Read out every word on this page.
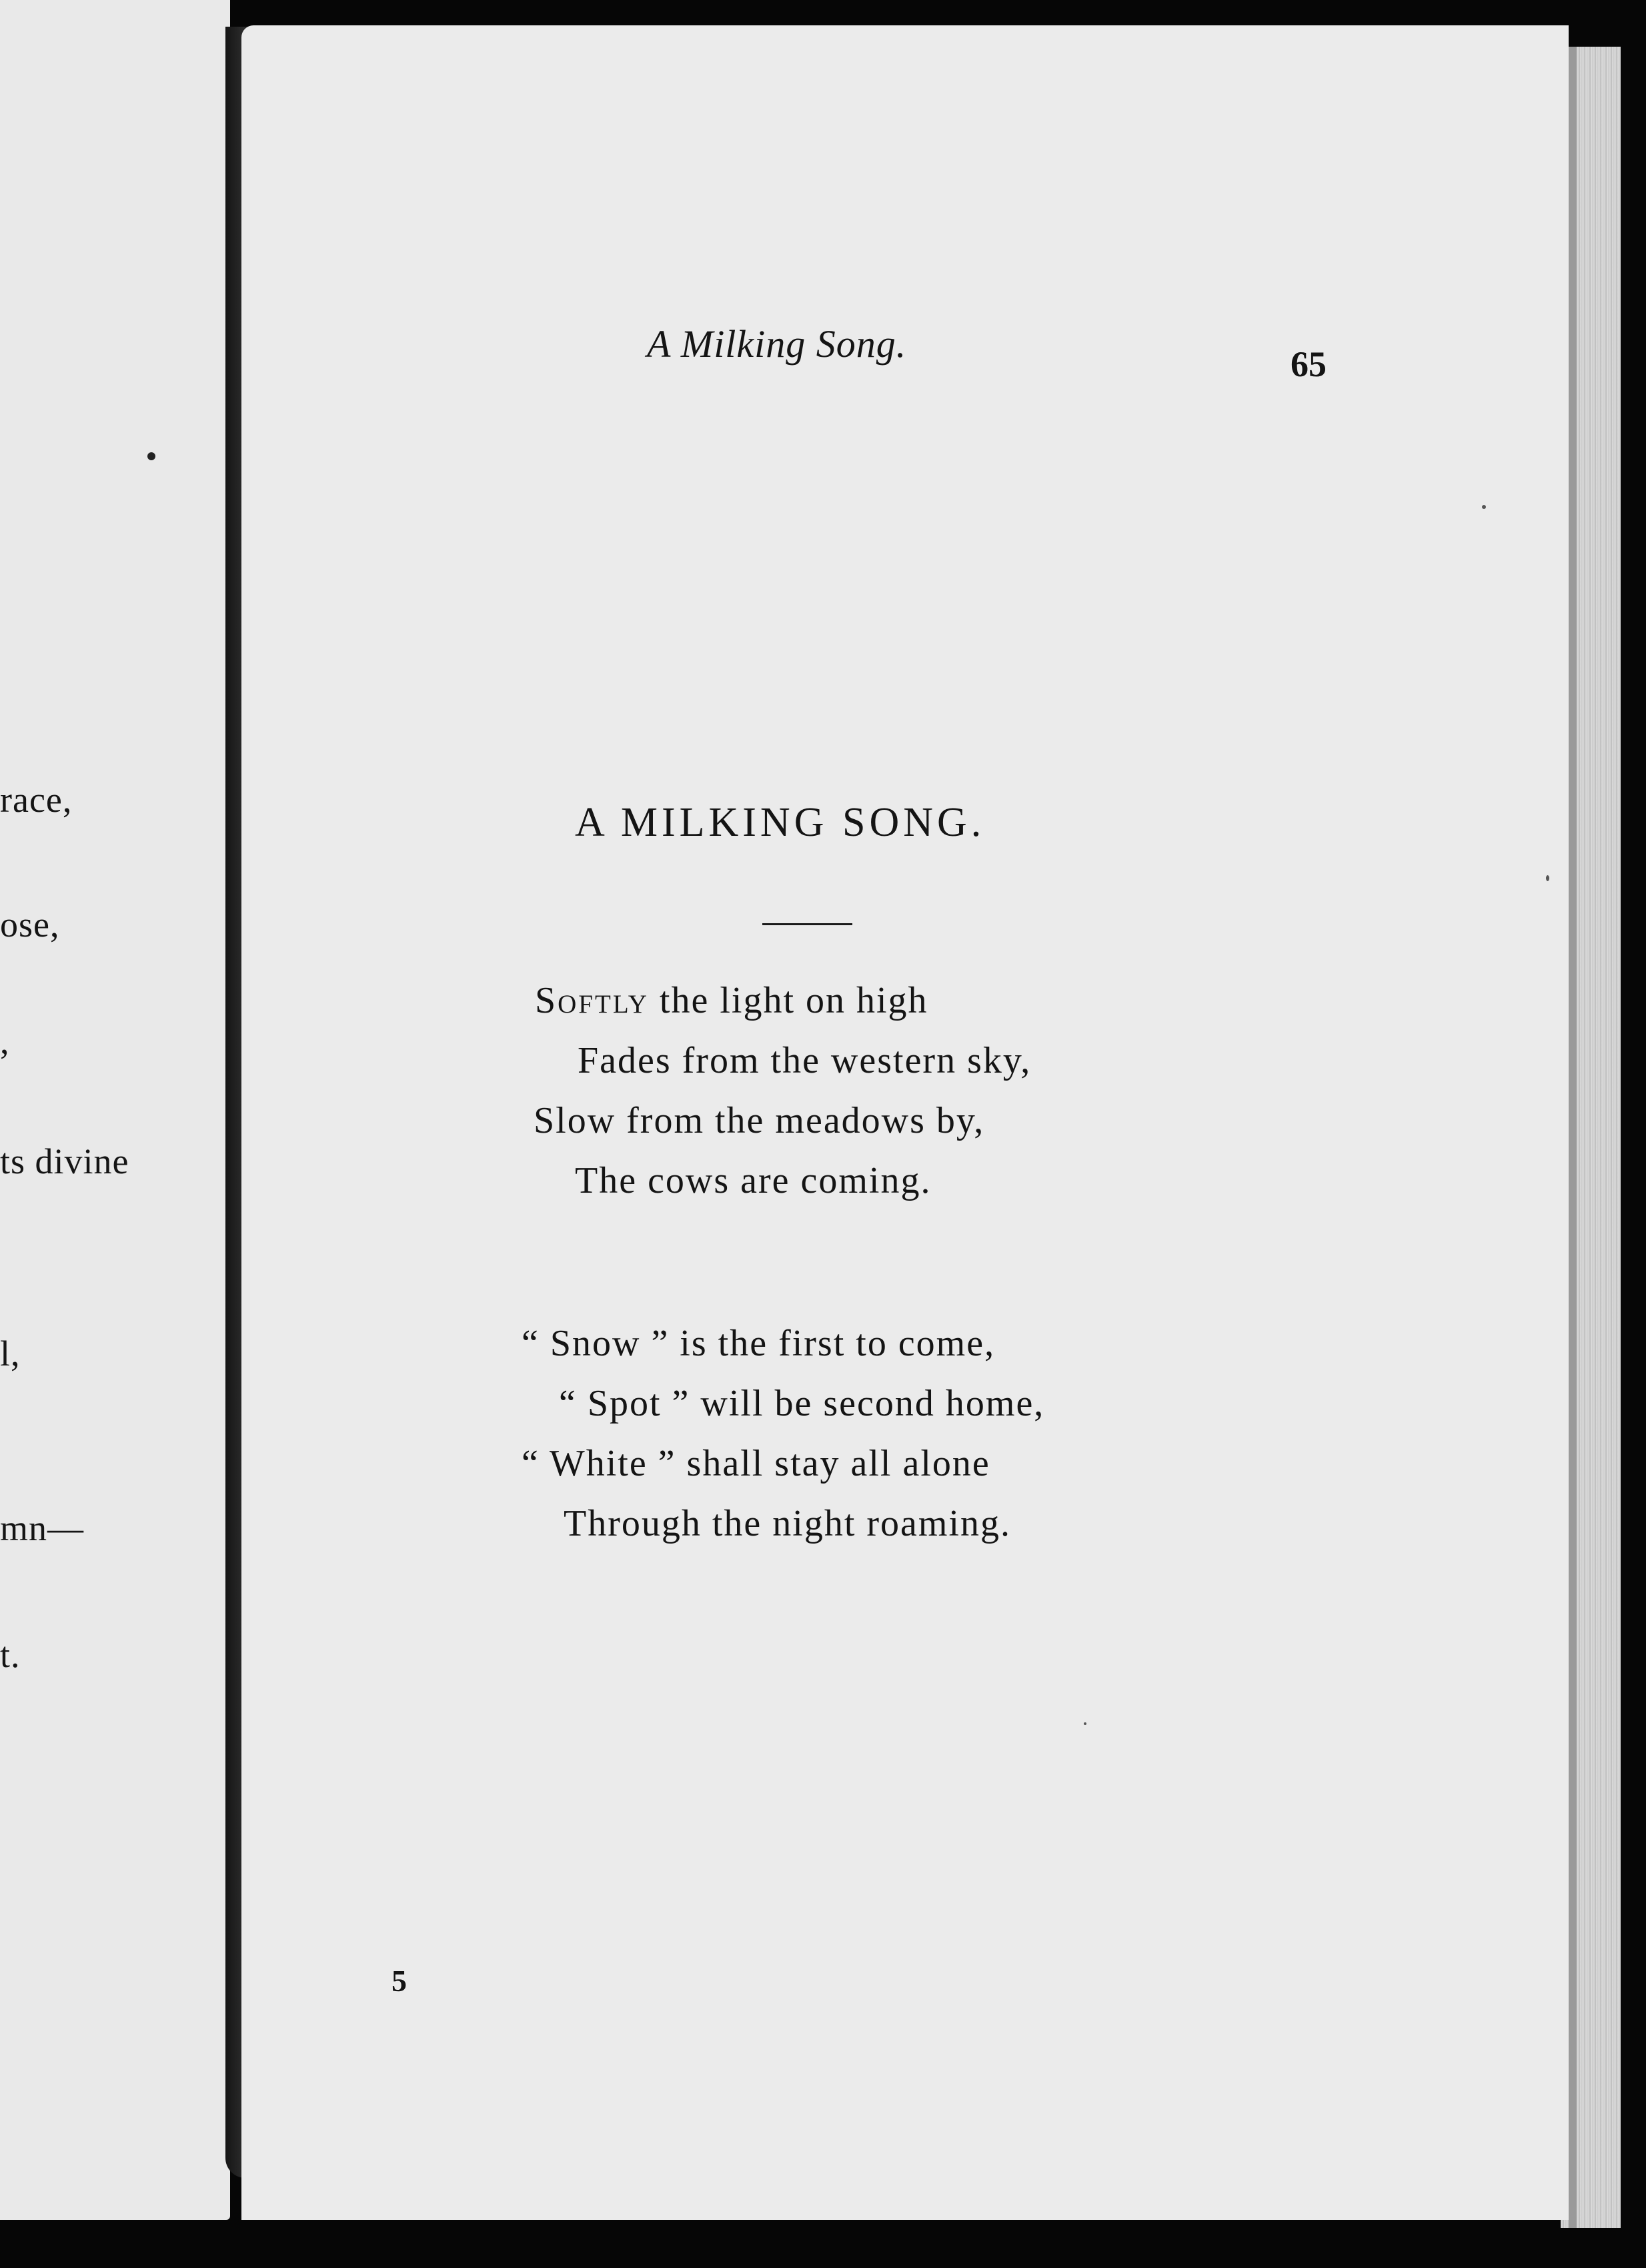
race,
ose,
,
ts divine
l,
mn—
t.
A Milking Song.	65
A MILKING SONG.
Softly the light on high
Fades from the western sky,
Slow from the meadows by,
The cows are coming.
“ Snow ” is the first to come,
“ Spot ” will be second home,
“ White ” shall stay all alone
Through the night roaming.
5
